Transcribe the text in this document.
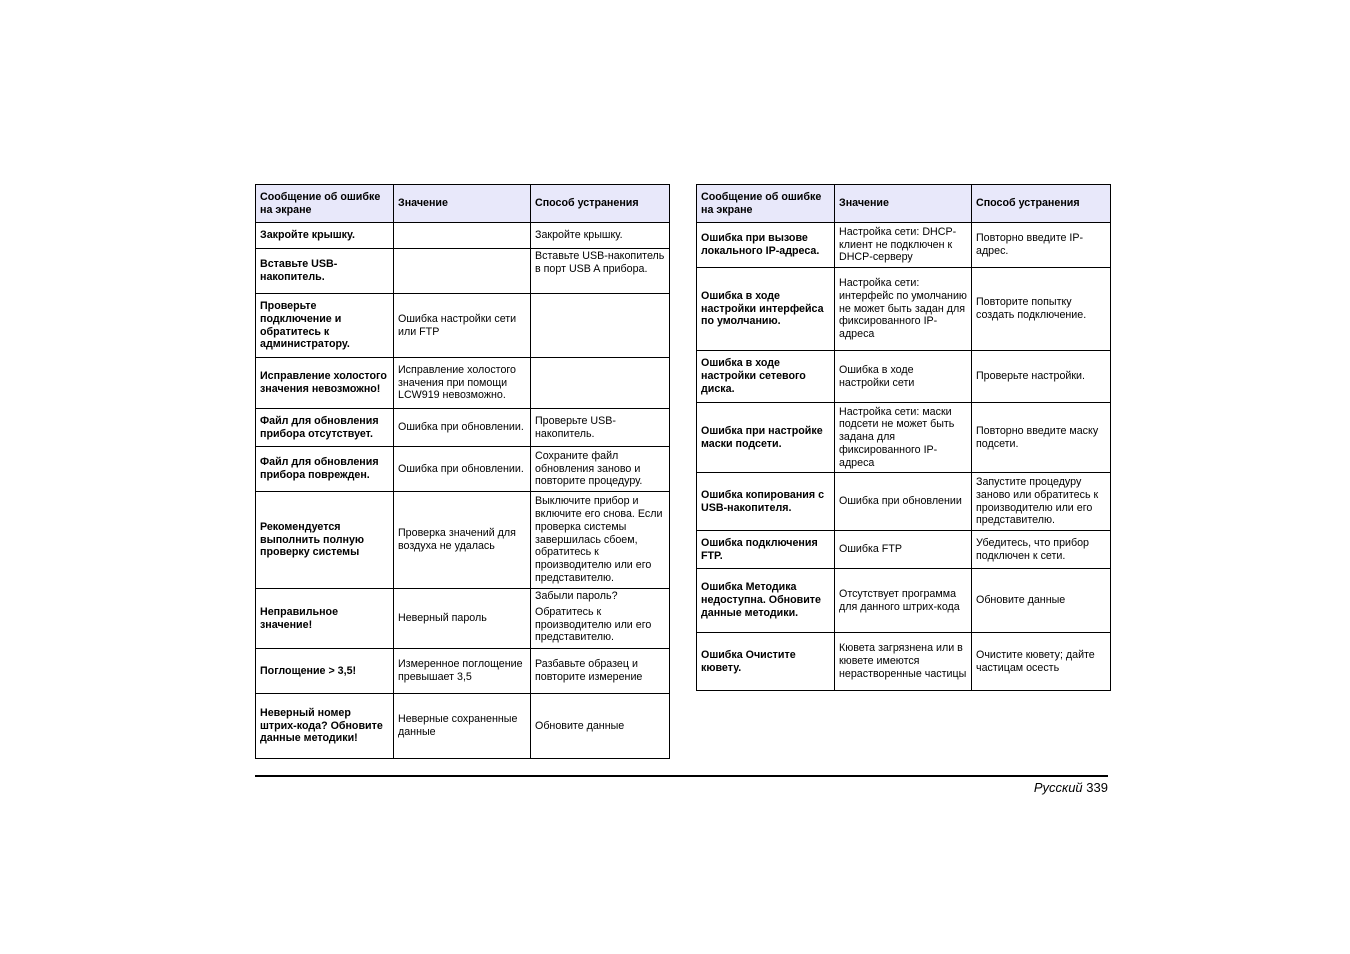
Сообщение об ошибке на экране	Значение	Способ устранения
Закройте крышку.		Закройте крышку.

Вставьте USB-накопитель.		Вставьте USB-накопитель в порт USB A прибора.

Проверьте подключение и обратитесь к администратору.	Ошибка настройки сети или FTP	

Исправление холостого значения невозможно!	Исправление холостого значения при помощи LCW919 невозможно.	

Файл для обновления прибора отсутствует.	Ошибка при обновлении.	Проверьте USB-накопитель.

Файл для обновления прибора поврежден.	Ошибка при обновлении.	Сохраните файл обновления заново и повторите процедуру.

Рекомендуется выполнить полную проверку системы	Проверка значений для воздуха не удалась	Выключите прибор и включите его снова. Если проверка системы завершилась сбоем, обратитесь к производителю или его представителю.

Неправильное значение!	Неверный пароль	Забыли пароль?
Обратитесь к производителю или его представителю.

Поглощение > 3,5!	Измеренное поглощение превышает 3,5	Разбавьте образец и повторите измерение

Неверный номер штрих-кода? Обновите данные методики!	Неверные сохраненные данные	Обновите данные
Сообщение об ошибке на экране	Значение	Способ устранения
Ошибка при вызове локального IP-адреса.	Настройка сети: DHCP-клиент не подключен к DHCP-серверу	Повторно введите IP-адрес.

Ошибка в ходе настройки интерфейса по умолчанию.	Настройка сети: интерфейс по умолчанию не может быть задан для фиксированного IP-адреса	Повторите попытку создать подключение.

Ошибка в ходе настройки сетевого диска.	Ошибка в ходе настройки сети	Проверьте настройки.

Ошибка при настройке маски подсети.	Настройка сети: маски подсети не может быть задана для фиксированного IP-адреса	Повторно введите маску подсети.

Ошибка копирования с USB-накопителя.	Ошибка при обновлении	Запустите процедуру заново или обратитесь к производителю или его представителю.

Ошибка подключения FTP.	Ошибка FTP	Убедитесь, что прибор подключен к сети.

Ошибка Методика недоступна. Обновите данные методики.	Отсутствует программа для данного штрих-кода	Обновите данные

Ошибка Очистите кювету.	Кювета загрязнена или в кювете имеются нерастворенные частицы	Очистите кювету; дайте частицам осесть
Русский 339
